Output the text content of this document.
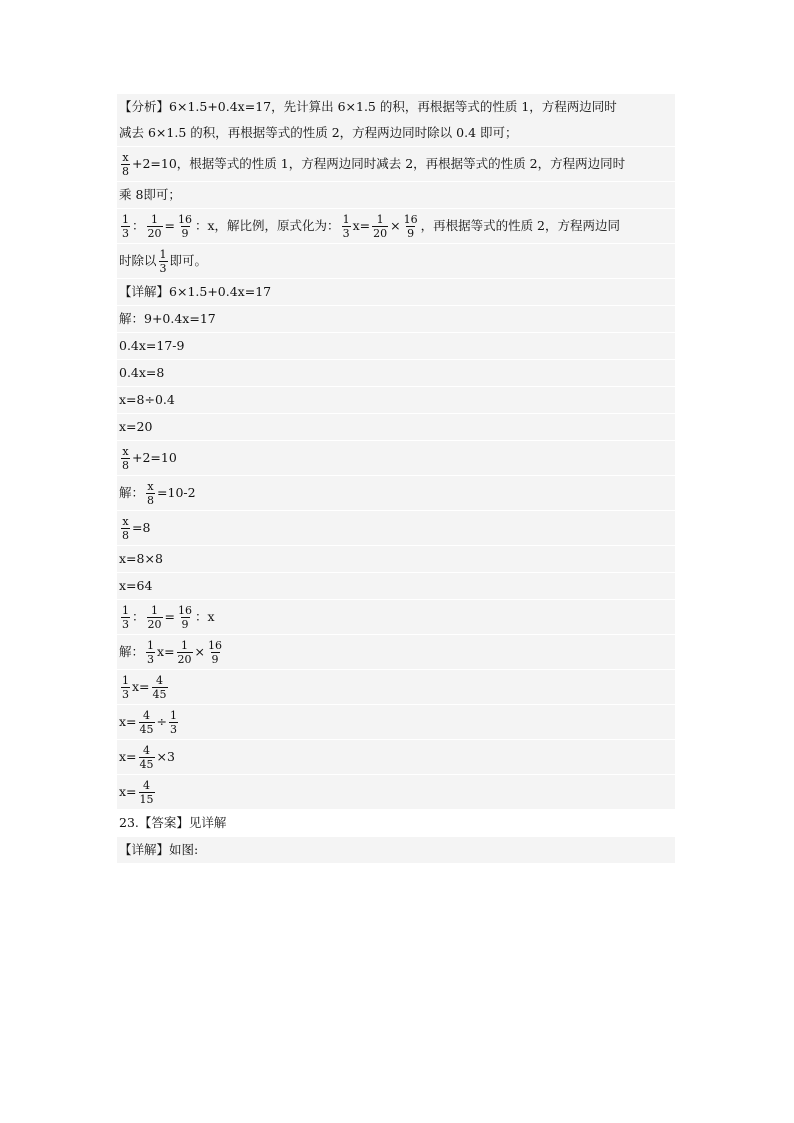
【分析】6×1.5+0.4x=17，先计算出 6×1.5 的积，再根据等式的性质 1，方程两边同时
减去 6×1.5 的积，再根据等式的性质 2，方程两边同时除以 0.4 即可；
$\frac{x}{8} +2=10$，根据等式的性质 1，方程两边同时减去 2，再根据等式的性质 2，方程两边同时
乘 8即可；
$\frac{1}{3}$ ： $\frac{1}{20} = \frac{16}{9}$ ：x，解比例，原式化为： $\frac{1}{3} x= \frac{1}{20} \times \frac{16}{9}$ ，再根据等式的性质 2，方程两边同
时除以 $\frac{1}{3}$ 即可。
【详解】6×1.5+0.4x=17
解：9+0.4x=17
0.4x=17-9
0.4x=8
x=8÷0.4
x=20
$\frac{x}{8} +2=10$
解： $\frac{x}{8} =10-2$
$\frac{x}{8} =8$
x=8×8
x=64
$\frac{1}{3}$ ： $\frac{1}{20} = \frac{16}{9}$ ：x
解： $\frac{1}{3} x= \frac{1}{20} \times \frac{16}{9}$
$\frac{1}{3} x= \frac{4}{45}$
$x= \frac{4}{45} \div \frac{1}{3}$
$x= \frac{4}{45} \times 3$
$x= \frac{4}{15}$
23.【答案】见详解
【详解】如图:
